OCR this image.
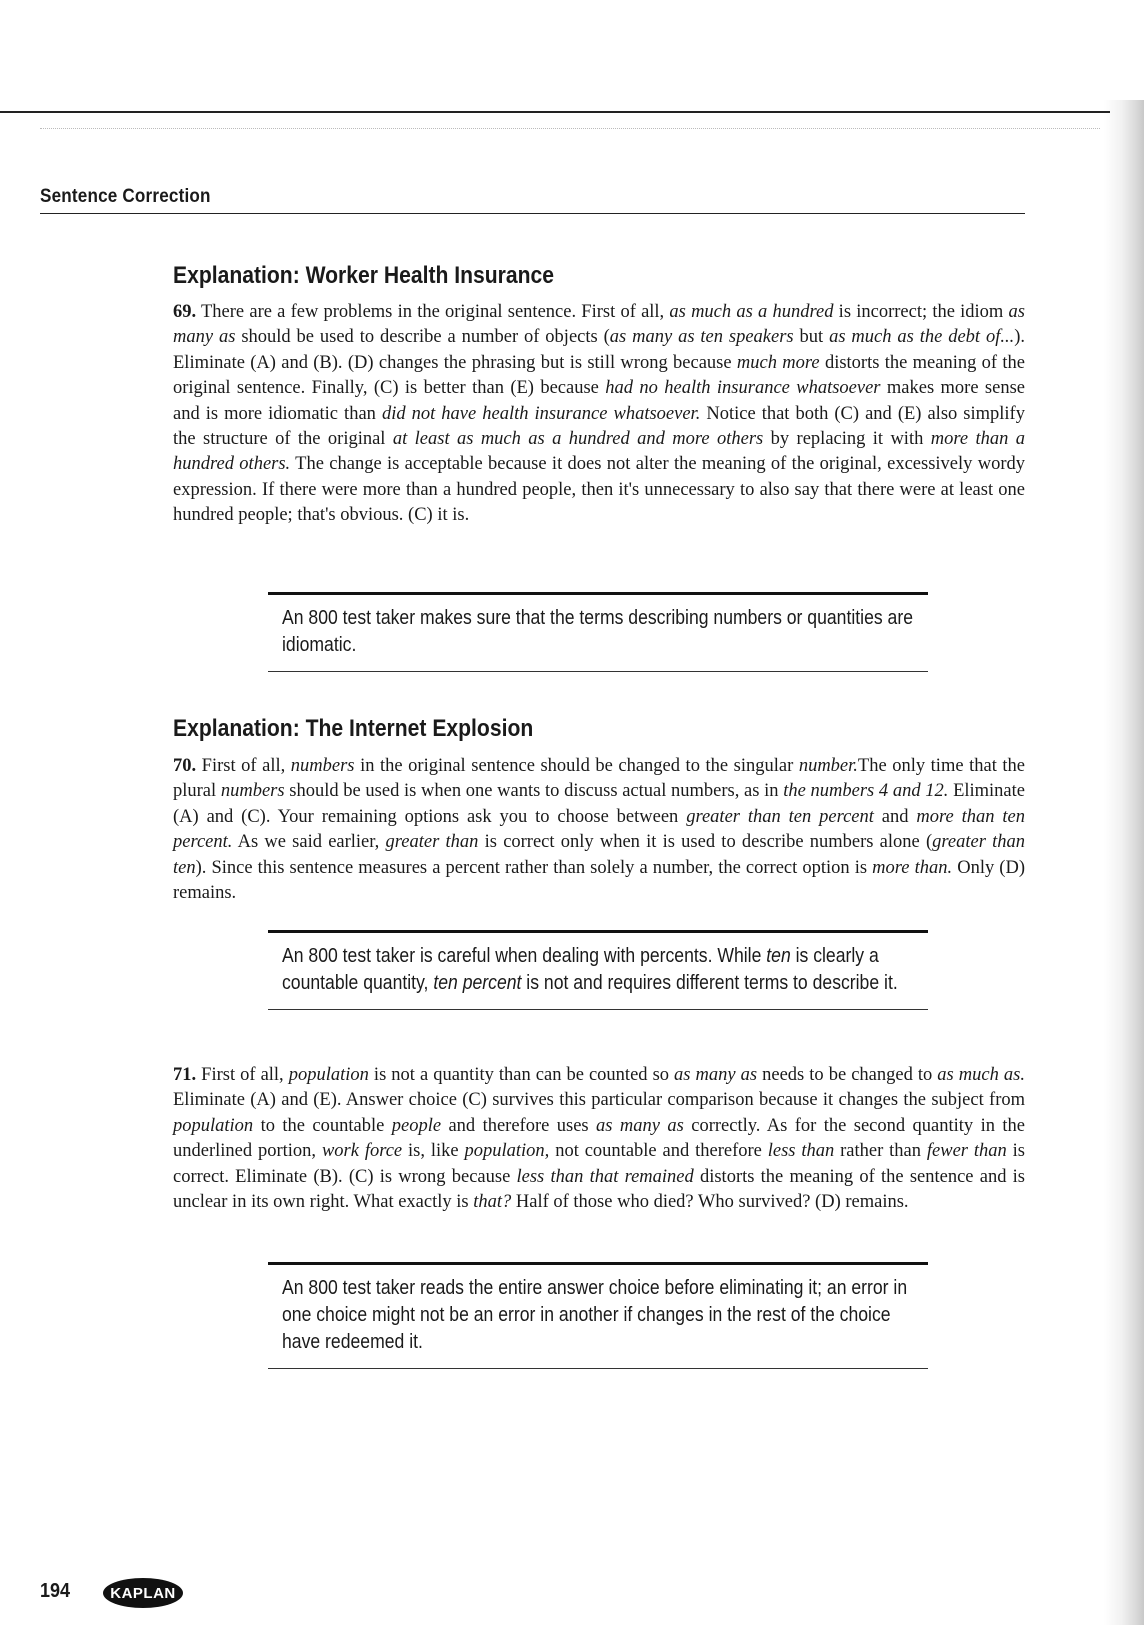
Sentence Correction
Explanation: Worker Health Insurance

69. There are a few problems in the original sentence. First of all, as much as a hundred is incorrect; the idiom as many as should be used to describe a number of objects (as many as ten speakers but as much as the debt of...). Eliminate (A) and (B). (D) changes the phrasing but is still wrong because much more distorts the meaning of the original sentence. Finally, (C) is better than (E) because had no health insurance whatsoever makes more sense and is more idiomatic than did not have health insurance whatsoever. Notice that both (C) and (E) also simplify the structure of the original at least as much as a hundred and more others by replacing it with more than a hundred others. The change is acceptable because it does not alter the meaning of the original, excessively wordy expression. If there were more than a hundred people, then it's unnecessary to also say that there were at least one hundred people; that's obvious. (C) it is.

An 800 test taker makes sure that the terms describing numbers or quantities are idiomatic.
Explanation: The Internet Explosion

70. First of all, numbers in the original sentence should be changed to the singular number.The only time that the plural numbers should be used is when one wants to discuss actual numbers, as in the numbers 4 and 12. Eliminate (A) and (C). Your remaining options ask you to choose between greater than ten percent and more than ten percent. As we said earlier, greater than is correct only when it is used to describe numbers alone (greater than ten). Since this sentence measures a percent rather than solely a number, the correct option is more than. Only (D) remains.

An 800 test taker is careful when dealing with percents. While ten is clearly a countable quantity, ten percent is not and requires different terms to describe it.

71. First of all, population is not a quantity than can be counted so as many as needs to be changed to as much as. Eliminate (A) and (E). Answer choice (C) survives this particular comparison because it changes the subject from population to the countable people and therefore uses as many as correctly. As for the second quantity in the underlined portion, work force is, like population, not countable and therefore less than rather than fewer than is correct. Eliminate (B). (C) is wrong because less than that remained distorts the meaning of the sentence and is unclear in its own right. What exactly is that? Half of those who died? Who survived? (D) remains.

An 800 test taker reads the entire answer choice before eliminating it; an error in one choice might not be an error in another if changes in the rest of the choice have redeemed it.
194	KAPLAN
